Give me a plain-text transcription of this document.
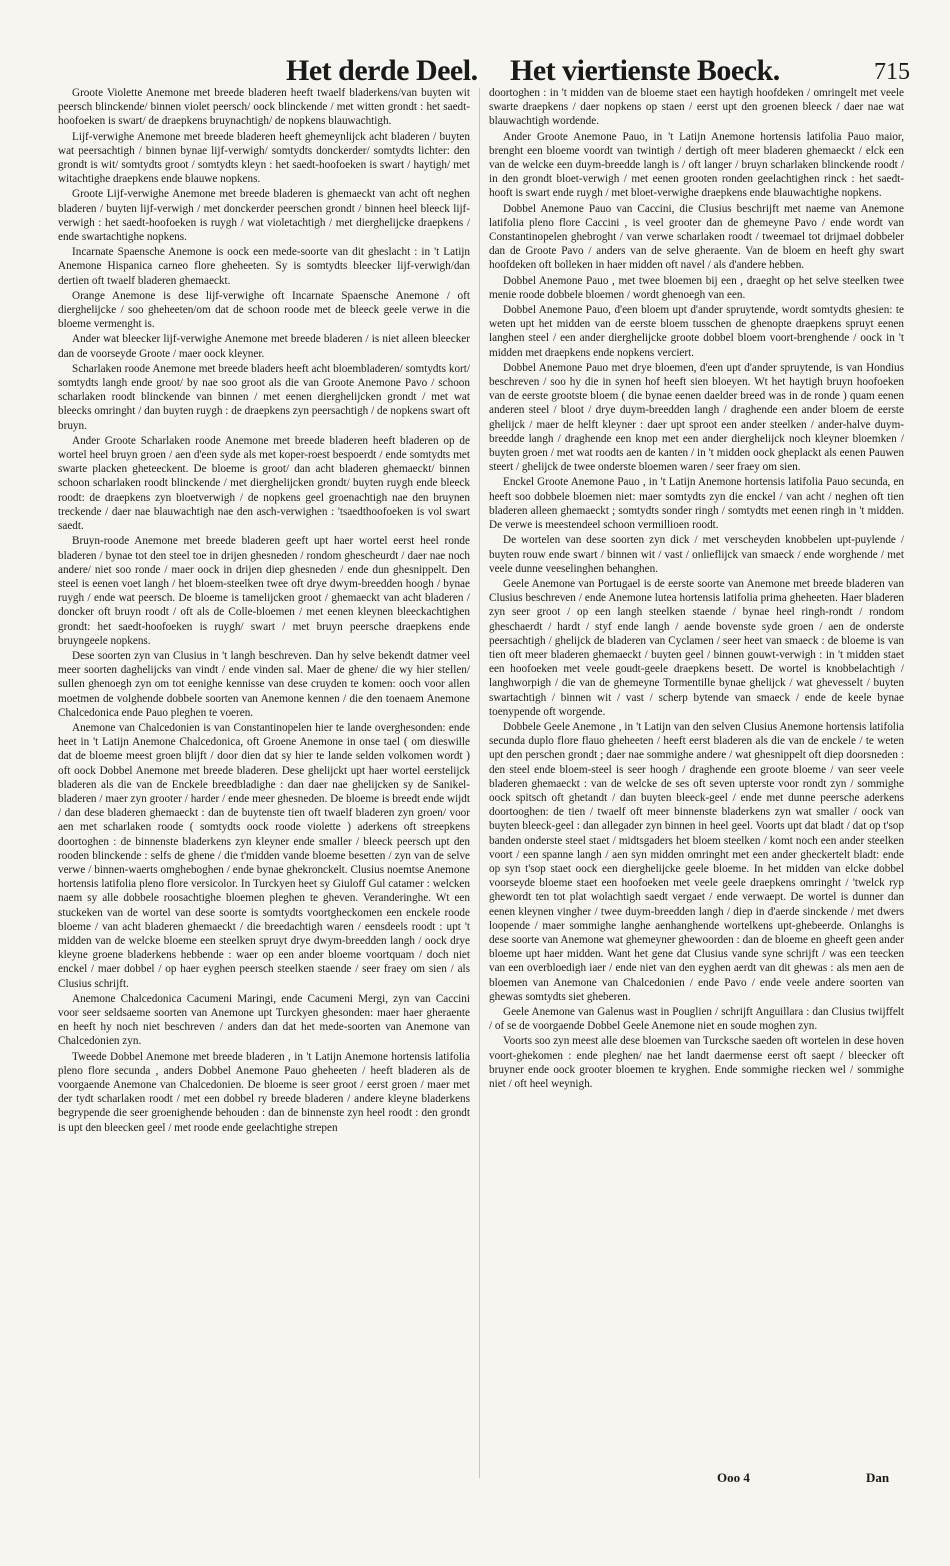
Het derde Deel. Het viertienste Boeck.	715

Groote Violette Anemone met breede bladeren heeft twaelf bladerkens/van buyten wit peersch blinckende/ binnen violet peersch/ oock blinckende / met witten grondt : het saedt-hoofoeken is swart/ de draepkens bruynachtigh/ de nopkens blauwachtigh.

Lijf-verwighe Anemone met breede bladeren heeft ghemeynlijck acht bladeren / buyten wat peersachtigh / binnen bynae lijf-verwigh/ somtydts donckerder/ somtydts lichter: den grondt is wit/ somtydts groot / somtydts kleyn : het saedt-hoofoeken is swart / haytigh/ met witachtighe draepkens ende blauwe nopkens.

Groote Lijf-verwighe Anemone met breede bladeren is ghemaeckt van acht oft neghen bladeren / buyten lijf-verwigh / met donckerder peerschen grondt / binnen heel bleeck lijf-verwigh : het saedt-hoofoeken is ruygh / wat violetachtigh / met dierghelijcke draepkens / ende swartachtighe nopkens.

Incarnate Spaensche Anemone is oock een mede-soorte van dit gheslacht : in 't Latijn Anemone Hispanica carneo flore gheheeten. Sy is somtydts bleecker lijf-verwigh/dan dertien oft twaelf bladeren ghemaeckt.

Orange Anemone is dese lijf-verwighe oft Incarnate Spaensche Anemone / oft dierghelijcke / soo gheheeten/om dat de schoon roode met de bleeck geele verwe in die bloeme vermenght is.

Ander wat bleecker lijf-verwighe Anemone met breede bladeren / is niet alleen bleecker dan de voorseyde Groote / maer oock kleyner.

Scharlaken roode Anemone met breede bladers heeft acht bloembladeren/ somtydts kort/ somtydts langh ende groot/ by nae soo groot als die van Groote Anemone Pavo / schoon scharlaken roodt blinckende van binnen / met eenen dierghelijcken grondt / met wat bleecks omringht / dan buyten ruygh : de draepkens zyn peersachtigh / de nopkens swart oft bruyn.

Ander Groote Scharlaken roode Anemone met breede bladeren heeft bladeren op de wortel heel bruyn groen / aen d'een syde als met koper-roest bespoerdt / ende somtydts met swarte placken gheteeckent. De bloeme is groot/ dan acht bladeren ghemaeckt/ binnen schoon scharlaken roodt blinckende / met dierghelijcken grondt/ buyten ruygh ende bleeck roodt: de draepkens zyn bloetverwigh / de nopkens geel groenachtigh nae den bruynen treckende / daer nae blauwachtigh nae den asch-verwighen : 'tsaedthoofoeken is vol swart saedt.

Bruyn-roode Anemone met breede bladeren geeft upt haer wortel eerst heel ronde bladeren / bynae tot den steel toe in drijen ghesneden / rondom ghescheurdt / daer nae noch andere/ niet soo ronde / maer oock in drijen diep ghesneden / ende dun ghesnippelt. Den steel is eenen voet langh / het bloem-steelken twee oft drye dwym-breedden hoogh / bynae ruygh / ende wat peersch. De bloeme is tamelijcken groot / ghemaeckt van acht bladeren / doncker oft bruyn roodt / oft als de Colle-bloemen / met eenen kleynen bleeckachtighen grondt: het saedt-hoofoeken is ruygh/ swart / met bruyn peersche draepkens ende bruyngeele nopkens.

Dese soorten zyn van Clusius in 't langh beschreven. Dan hy selve bekendt datmer veel meer soorten daghelijcks van vindt / ende vinden sal. Maer de ghene/ die wy hier stellen/ sullen ghenoegh zyn om tot eenighe kennisse van dese cruyden te komen: ooch voor allen moetmen de volghende dobbele soorten van Anemone kennen / die den toenaem Anemone Chalcedonica ende Pauo pleghen te voeren.

Anemone van Chalcedonien is van Constantinopelen hier te lande overghesonden: ende heet in 't Latijn Anemone Chalcedonica, oft Groene Anemone in onse tael ( om dieswille dat de bloeme meest groen blijft / door dien dat sy hier te lande selden volkomen wordt ) oft oock Dobbel Anemone met breede bladeren. Dese ghelijckt upt haer wortel eerstelijck bladeren als die van de Enckele breedbladighe : dan daer nae ghelijcken sy de Sanikel-bladeren / maer zyn grooter / harder / ende meer ghesneden. De bloeme is breedt ende wijdt / dan dese bladeren ghemaeckt : dan de buytenste tien oft twaelf bladeren zyn groen/ voor aen met scharlaken roode ( somtydts oock roode violette ) aderkens oft streepkens doortoghen : de binnenste bladerkens zyn kleyner ende smaller / bleeck peersch upt den rooden blinckende : selfs de ghene / die t'midden vande bloeme besetten / zyn van de selve verwe / binnen-waerts omgheboghen / ende bynae ghekronckelt. Clusius noemtse Anemone hortensis latifolia pleno flore versicolor. In Turckyen heet sy Giuloff Gul catamer : welcken naem sy alle dobbele roosachtighe bloemen pleghen te gheven. Veranderinghe. Wt een stuckeken van de wortel van dese soorte is somtydts voortgheckomen een enckele roode bloeme / van acht bladeren ghemaeckt / die breedachtigh waren / eensdeels roodt : upt 't midden van de welcke bloeme een steelken spruyt drye dwym-breedden langh / oock drye kleyne groene bladerkens hebbende : waer op een ander bloeme voortquam / doch niet enckel / maer dobbel / op haer eyghen peersch steelken staende / seer fraey om sien / als Clusius schrijft.

Anemone Chalcedonica Cacumeni Maringi, ende Cacumeni Mergi, zyn van Caccini voor seer seldsaeme soorten van Anemone upt Turckyen ghesonden: maer haer gheraente en heeft hy noch niet beschreven / anders dan dat het mede-soorten van Anemone van Chalcedonien zyn.

Tweede Dobbel Anemone met breede bladeren , in 't Latijn Anemone hortensis latifolia pleno flore secunda , anders Dobbel Anemone Pauo gheheeten / heeft bladeren als de voorgaende Anemone van Chalcedonien. De bloeme is seer groot / eerst groen / maer met der tydt scharlaken roodt / met een dobbel ry breede bladeren / andere kleyne bladerkens begrypende die seer groenighende behouden : dan de binnenste zyn heel roodt : den grondt is upt den bleecken geel / met roode ende geelachtighe strepen

doortoghen : in 't midden van de bloeme staet een haytigh hoofdeken / omringelt met veele swarte draepkens / daer nopkens op staen / eerst upt den groenen bleeck / daer nae wat blauwachtigh wordende.

Ander Groote Anemone Pauo, in 't Latijn Anemone hortensis latifolia Pauo maior, brenght een bloeme voordt van twintigh / dertigh oft meer bladeren ghemaeckt / elck een van de welcke een duym-breedde langh is / oft langer / bruyn scharlaken blinckende roodt / in den grondt bloet-verwigh / met eenen grooten ronden geelachtighen rinck : het saedt-hooft is swart ende ruygh / met bloet-verwighe draepkens ende blauwachtighe nopkens.

Dobbel Anemone Pauo van Caccini, die Clusius beschrijft met naeme van Anemone latifolia pleno flore Caccini , is veel grooter dan de ghemeyne Pavo / ende wordt van Constantinopelen ghebroght / van verwe scharlaken roodt / tweemael tot drijmael dobbeler dan de Groote Pavo / anders van de selve gheraente. Van de bloem en heeft ghy swart hoofdeken oft bolleken in haer midden oft navel / als d'andere hebben.

Dobbel Anemone Pauo , met twee bloemen bij een , draeght op het selve steelken twee menie roode dobbele bloemen / wordt ghenoegh van een.

Dobbel Anemone Pauo, d'een bloem upt d'ander spruytende, wordt somtydts ghesien: te weten upt het midden van de eerste bloem tusschen de ghenopte draepkens spruyt eenen langhen steel / een ander dierghelijcke groote dobbel bloem voort-brenghende / oock in 't midden met draepkens ende nopkens verciert.

Dobbel Anemone Pauo met drye bloemen, d'een upt d'ander spruytende, is van Hondius beschreven / soo hy die in synen hof heeft sien bloeyen. Wt het haytigh bruyn hoofoeken van de eerste grootste bloem ( die bynae eenen daelder breed was in de ronde ) quam eenen anderen steel / bloot / drye duym-breedden langh / draghende een ander bloem de eerste ghelijck / maer de helft kleyner : daer upt sproot een ander steelken / ander-halve duym-breedde langh / draghende een knop met een ander dierghelijck noch kleyner bloemken / buyten groen / met wat roodts aen de kanten / in 't midden oock gheplackt als eenen Pauwen steert / ghelijck de twee onderste bloemen waren / seer fraey om sien.

Enckel Groote Anemone Pauo , in 't Latijn Anemone hortensis latifolia Pauo secunda, en heeft soo dobbele bloemen niet: maer somtydts zyn die enckel / van acht / neghen oft tien bladeren alleen ghemaeckt ; somtydts sonder ringh / somtydts met eenen ringh in 't midden. De verwe is meestendeel schoon vermillioen roodt.

De wortelen van dese soorten zyn dick / met verscheyden knobbelen upt-puylende / buyten rouw ende swart / binnen wit / vast / onlieflijck van smaeck / ende worghende / met veele dunne veeselinghen behanghen.

Geele Anemone van Portugael is de eerste soorte van Anemone met breede bladeren van Clusius beschreven / ende Anemone lutea hortensis latifolia prima gheheeten. Haer bladeren zyn seer groot / op een langh steelken staende / bynae heel ringh-rondt / rondom gheschaerdt / hardt / styf ende langh / aende bovenste syde groen / aen de onderste peersachtigh / ghelijck de bladeren van Cyclamen / seer heet van smaeck : de bloeme is van tien oft meer bladeren ghemaeckt / buyten geel / binnen gouwt-verwigh : in 't midden staet een hoofoeken met veele goudt-geele draepkens besett. De wortel is knobbelachtigh / langhworpigh / die van de ghemeyne Tormentille bynae ghelijck / wat ghevesselt / buyten swartachtigh / binnen wit / vast / scherp bytende van smaeck / ende de keele bynae toenypende oft worgende.

Dobbele Geele Anemone , in 't Latijn van den selven Clusius Anemone hortensis latifolia secunda duplo flore flauo gheheeten / heeft eerst bladeren als die van de enckele / te weten upt den perschen grondt ; daer nae sommighe andere / wat ghesnippelt oft diep doorsneden : den steel ende bloem-steel is seer hoogh / draghende een groote bloeme / van seer veele bladeren ghemaeckt : van de welcke de ses oft seven upterste voor rondt zyn / sommighe oock spitsch oft ghetandt / dan buyten bleeck-geel / ende met dunne peersche aderkens doortooghen: de tien / twaelf oft meer binnenste bladerkens zyn wat smaller / oock van buyten bleeck-geel : dan allegader zyn binnen in heel geel. Voorts upt dat bladt / dat op t'sop banden onderste steel staet / midtsgaders het bloem steelken / komt noch een ander steelken voort / een spanne langh / aen syn midden omringht met een ander gheckertelt bladt: ende op syn t'sop staet oock een dierghelijcke geele bloeme. In het midden van elcke dobbel voorseyde bloeme staet een hoofoeken met veele geele draepkens omringht / 'twelck ryp ghewordt ten tot plat wolachtigh saedt vergaet / ende verwaept. De wortel is dunner dan eenen kleynen vingher / twee duym-breedden langh / diep in d'aerde sinckende / met dwers loopende / maer sommighe langhe aenhanghende wortelkens upt-ghebeerde. Onlanghs is dese soorte van Anemone wat ghemeyner ghewoorden : dan de bloeme en gheeft geen ander bloeme upt haer midden. Want het gene dat Clusius vande syne schrijft / was een teecken van een overbloedigh iaer / ende niet van den eyghen aerdt van dit ghewas : als men aen de bloemen van Anemone van Chalcedonien / ende Pavo / ende veele andere soorten van ghewas somtydts siet gheberen.

Geele Anemone van Galenus wast in Pouglien / schrijft Anguillara : dan Clusius twijffelt / of se de voorgaende Dobbel Geele Anemone niet en soude moghen zyn.

Voorts soo zyn meest alle dese bloemen van Turcksche saeden oft wortelen in dese hoven voort-ghekomen : ende pleghen/ nae het landt daermense eerst oft saept / bleecker oft bruyner ende oock grooter bloemen te kryghen. Ende sommighe riecken wel / sommighe niet / oft heel weynigh.

Ooo 4	Dan
